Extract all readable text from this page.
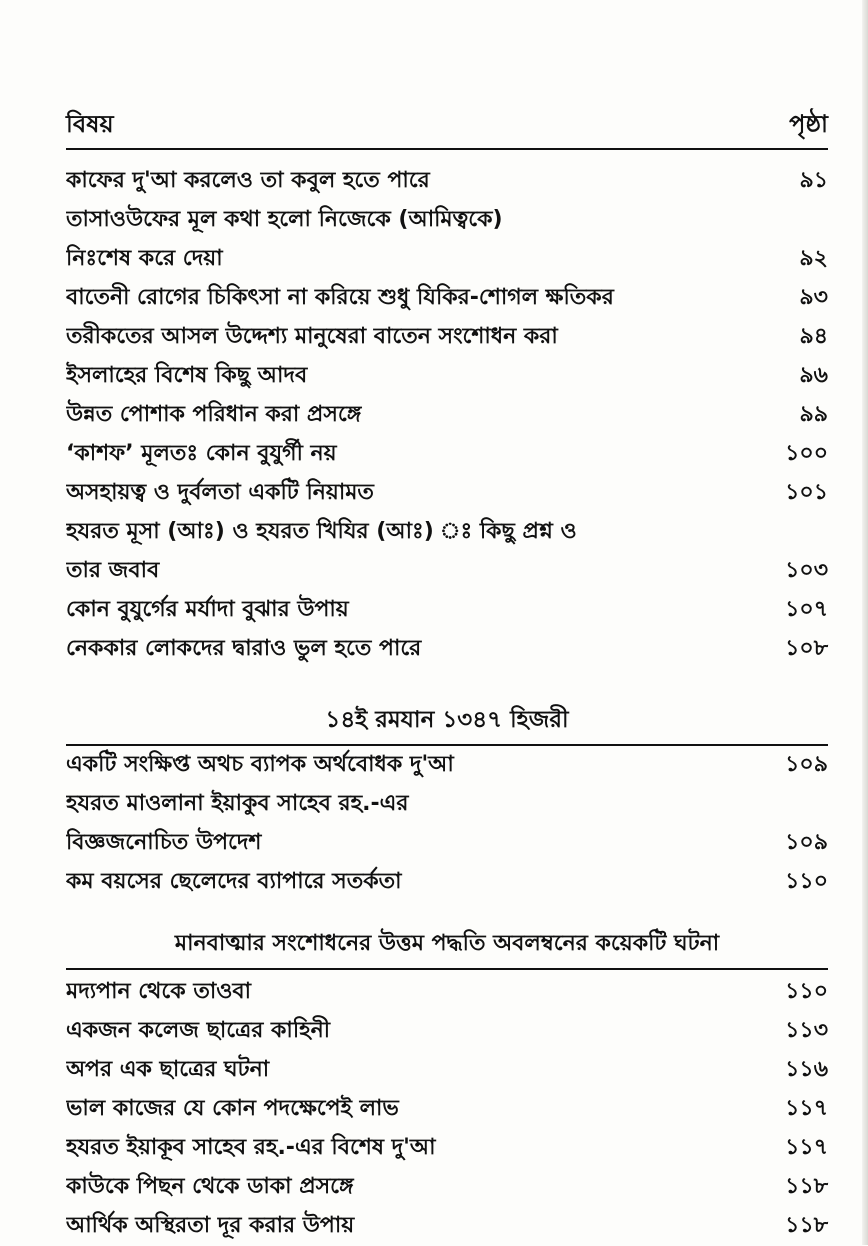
বিষয়	পৃষ্ঠা
কাফের দু'আ করলেও তা কবুল হতে পারে	৯১
তাসাওউফের মূল কথা হলো নিজেকে (আমিত্বকে)
নিঃশেষ করে দেয়া	৯২
বাতেনী রোগের চিকিৎসা না করিয়ে শুধু যিকির-শোগল ক্ষতিকর	৯৩
তরীকতের আসল উদ্দেশ্য মানুষেরা বাতেন সংশোধন করা	৯৪
ইসলাহের বিশেষ কিছু আদব	৯৬
উন্নত পোশাক পরিধান করা প্রসঙ্গে	৯৯
‘কাশফ’ মূলতঃ কোন বুযুর্গী নয়	১০০
অসহায়ত্ব ও দুর্বলতা একটি নিয়ামত	১০১
হযরত মূসা (আঃ) ও হযরত খিযির (আঃ) ঃ কিছু প্রশ্ন ও
তার জবাব	১০৩
কোন বুযুর্গের মর্যাদা বুঝার উপায়	১০৭
নেককার লোকদের দ্বারাও ভুল হতে পারে	১০৮
১৪ই রমযান ১৩৪৭ হিজরী
একটি সংক্ষিপ্ত অথচ ব্যাপক অর্থবোধক দু'আ	১০৯
হযরত মাওলানা ইয়াকুব সাহেব রহ.-এর
বিজ্ঞজনোচিত উপদেশ	১০৯
কম বয়সের ছেলেদের ব্যাপারে সতর্কতা	১১০
মানবাত্মার সংশোধনের উত্তম পদ্ধতি অবলম্বনের কয়েকটি ঘটনা
মদ্যপান থেকে তাওবা	১১০
একজন কলেজ ছাত্রের কাহিনী	১১৩
অপর এক ছাত্রের ঘটনা	১১৬
ভাল কাজের যে কোন পদক্ষেপেই লাভ	১১৭
হযরত ইয়াকূব সাহেব রহ.-এর বিশেষ দু'আ	১১৭
কাউকে পিছন থেকে ডাকা প্রসঙ্গে	১১৮
আর্থিক অস্থিরতা দূর করার উপায়	১১৮
